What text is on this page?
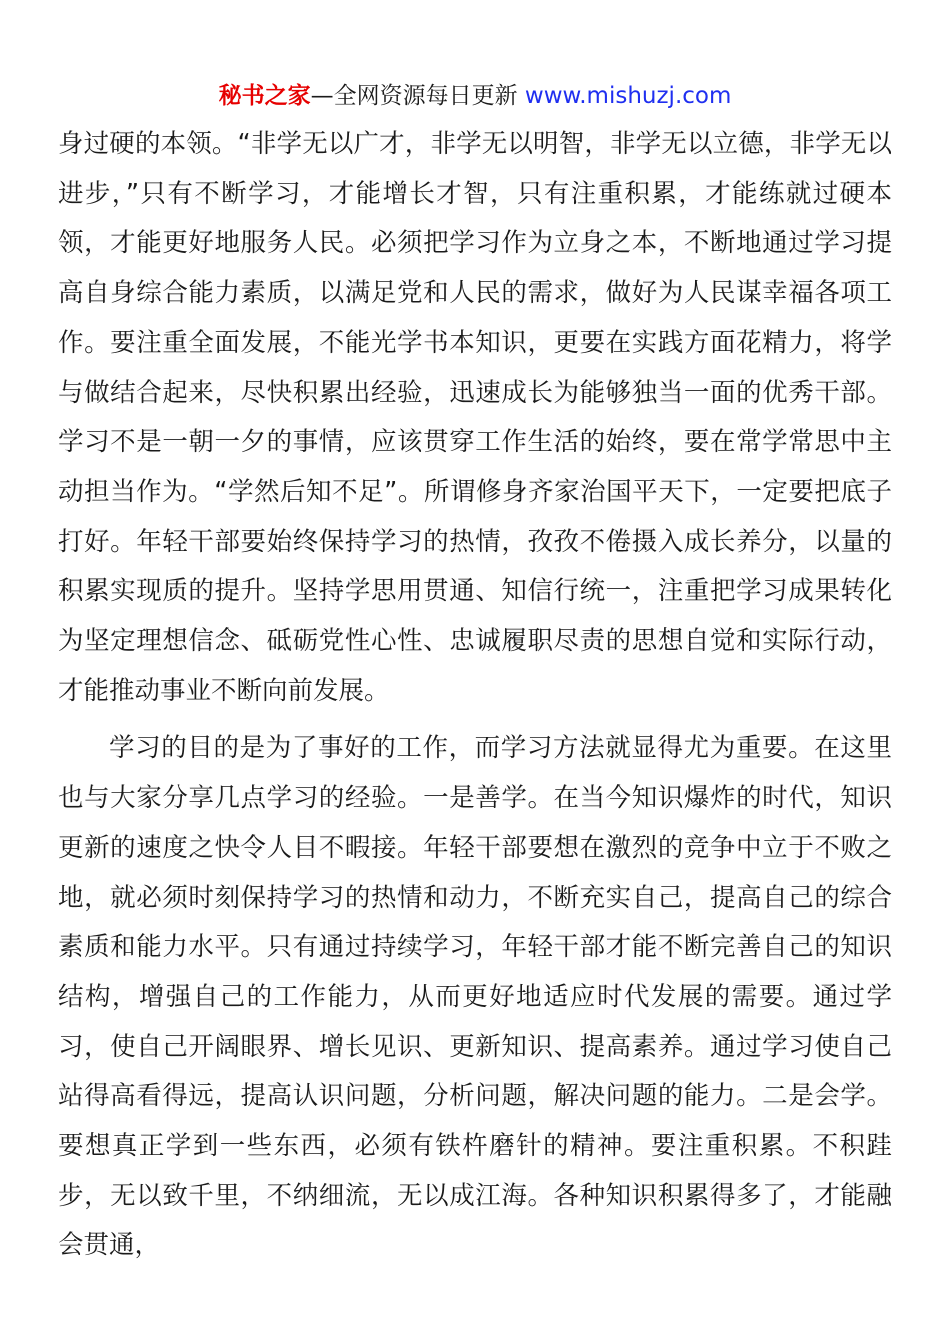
秘书之家—全网资源每日更新 www.mishuzj.com

身过硬的本领。“非学无以广才，非学无以明智，非学无以立德，非学无以进步，”只有不断学习，才能增长才智，只有注重积累，才能练就过硬本领，才能更好地服务人民。必须把学习作为立身之本，不断地通过学习提高自身综合能力素质，以满足党和人民的需求，做好为人民谋幸福各项工作。要注重全面发展，不能光学书本知识，更要在实践方面花精力，将学与做结合起来，尽快积累出经验，迅速成长为能够独当一面的优秀干部。学习不是一朝一夕的事情，应该贯穿工作生活的始终，要在常学常思中主动担当作为。“学然后知不足”。所谓修身齐家治国平天下，一定要把底子打好。年轻干部要始终保持学习的热情，孜孜不倦摄入成长养分，以量的积累实现质的提升。坚持学思用贯通、知信行统一，注重把学习成果转化为坚定理想信念、砥砺党性心性、忠诚履职尽责的思想自觉和实际行动，才能推动事业不断向前发展。

学习的目的是为了事好的工作，而学习方法就显得尤为重要。在这里也与大家分享几点学习的经验。一是善学。在当今知识爆炸的时代，知识更新的速度之快令人目不暇接。年轻干部要想在激烈的竞争中立于不败之地，就必须时刻保持学习的热情和动力，不断充实自己，提高自己的综合素质和能力水平。只有通过持续学习，年轻干部才能不断完善自己的知识结构，增强自己的工作能力，从而更好地适应时代发展的需要。通过学习，使自己开阔眼界、增长见识、更新知识、提高素养。通过学习使自己站得高看得远，提高认识问题，分析问题，解决问题的能力。二是会学。要想真正学到一些东西，必须有铁杵磨针的精神。要注重积累。不积跬步，无以致千里，不纳细流，无以成江海。各种知识积累得多了，才能融会贯通，
